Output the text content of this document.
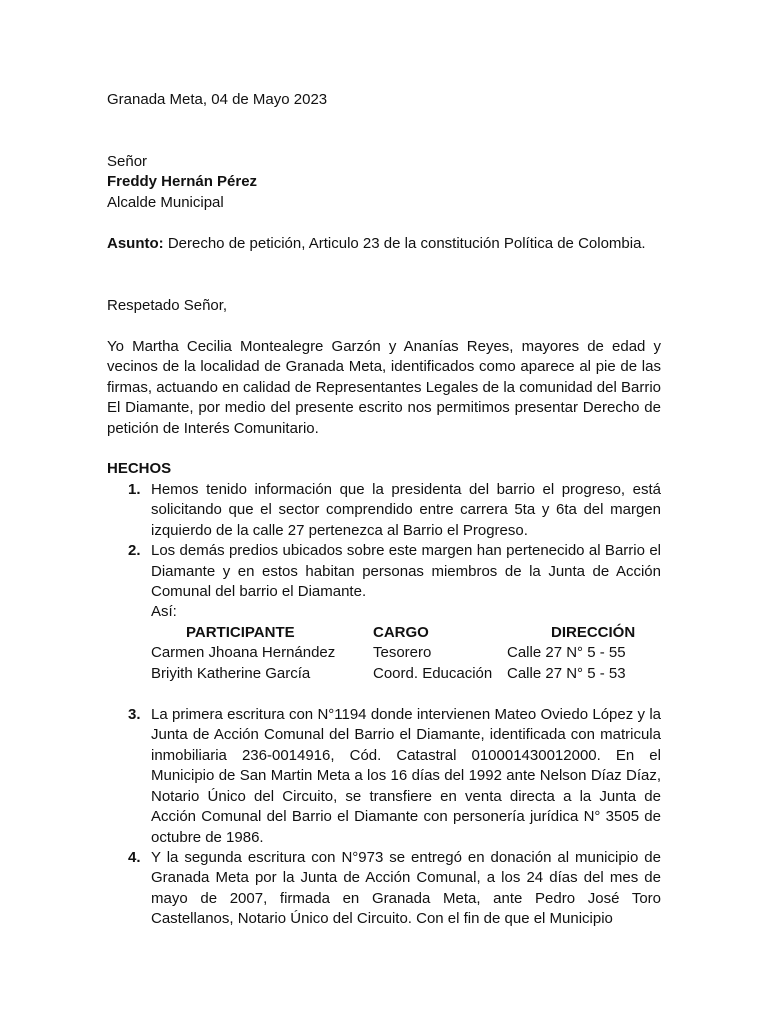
Granada Meta, 04 de Mayo 2023

Señor

Freddy Hernán Pérez

Alcalde Municipal

Asunto: Derecho de petición, Articulo 23 de la constitución Política de Colombia.

Respetado Señor,

Yo Martha Cecilia Montealegre Garzón y Ananías Reyes, mayores de edad y vecinos de la localidad de Granada Meta, identificados como aparece al pie de las firmas, actuando en calidad de Representantes Legales de la comunidad del Barrio El Diamante, por medio del presente escrito nos permitimos presentar Derecho de petición de Interés Comunitario.

HECHOS

1. Hemos tenido información que la presidenta del barrio el progreso, está solicitando que el sector comprendido entre carrera 5ta y 6ta del margen izquierdo de la calle 27 pertenezca al Barrio el Progreso.

2. Los demás predios ubicados sobre este margen han pertenecido al Barrio el Diamante y en estos habitan personas miembros de la Junta de Acción Comunal del barrio el Diamante.

Así:

PARTICIPANTE	CARGO	DIRECCIÓN
Carmen Jhoana Hernández	Tesorero	Calle 27 N° 5 - 55
Briyith Katherine García	Coord. Educación	Calle 27 N° 5 - 53
3. La primera escritura con N°1194 donde intervienen Mateo Oviedo López y la Junta de Acción Comunal del Barrio el Diamante, identificada con matricula inmobiliaria 236-0014916, Cód. Catastral 010001430012000. En el Municipio de San Martin Meta a los 16 días del 1992 ante Nelson Díaz Díaz, Notario Único del Circuito, se transfiere en venta directa a la Junta de Acción Comunal del Barrio el Diamante con personería jurídica N° 3505 de octubre de 1986.

4. Y la segunda escritura con N°973 se entregó en donación al municipio de Granada Meta por la Junta de Acción Comunal, a los 24 días del mes de mayo de 2007, firmada en Granada Meta, ante Pedro José Toro Castellanos, Notario Único del Circuito. Con el fin de que el Municipio
